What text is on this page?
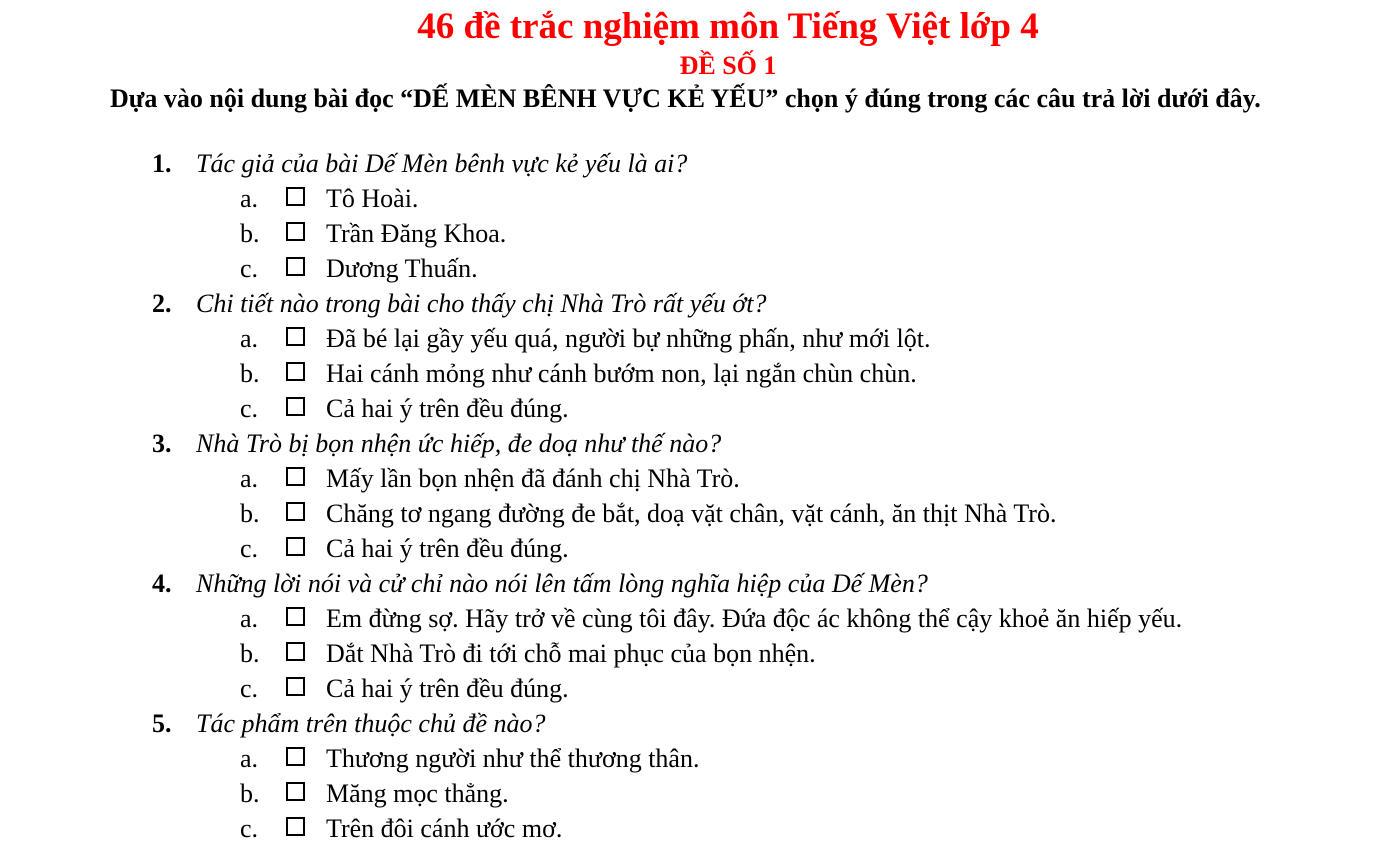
46 đề trắc nghiệm môn Tiếng Việt lớp 4
ĐỀ SỐ 1
Dựa vào nội dung bài đọc “DẾ MÈN BÊNH VỰC KẺ YẾU” chọn ý đúng trong các câu trả lời dưới đây.
1. Tác giả của bài Dế Mèn bênh vực kẻ yếu là ai?
a.	Tô Hoài.
b.	Trần Đăng Khoa.
c.	Dương Thuấn.
2. Chi tiết nào trong bài cho thấy chị Nhà Trò rất yếu ớt?
a.	Đã bé lại gầy yếu quá, người bự những phấn, như mới lột.
b.	Hai cánh mỏng như cánh bướm non, lại ngắn chùn chùn.
c.	Cả hai ý trên đều đúng.
3. Nhà Trò bị bọn nhện ức hiếp, đe doạ như thế nào?
a.	Mấy lần bọn nhện đã đánh chị Nhà Trò.
b.	Chăng tơ ngang đường đe bắt, doạ vặt chân, vặt cánh, ăn thịt Nhà Trò.
c.	Cả hai ý trên đều đúng.
4. Những lời nói và cử chỉ nào nói lên tấm lòng nghĩa hiệp của Dế Mèn?
a.	Em đừng sợ. Hãy trở về cùng tôi đây. Đứa độc ác không thể cậy khoẻ ăn hiếp yếu.
b.	Dắt Nhà Trò đi tới chỗ mai phục của bọn nhện.
c.	Cả hai ý trên đều đúng.
5. Tác phẩm trên thuộc chủ đề nào?
a.	Thương người như thể thương thân.
b.	Măng mọc thẳng.
c.	Trên đôi cánh ước mơ.
